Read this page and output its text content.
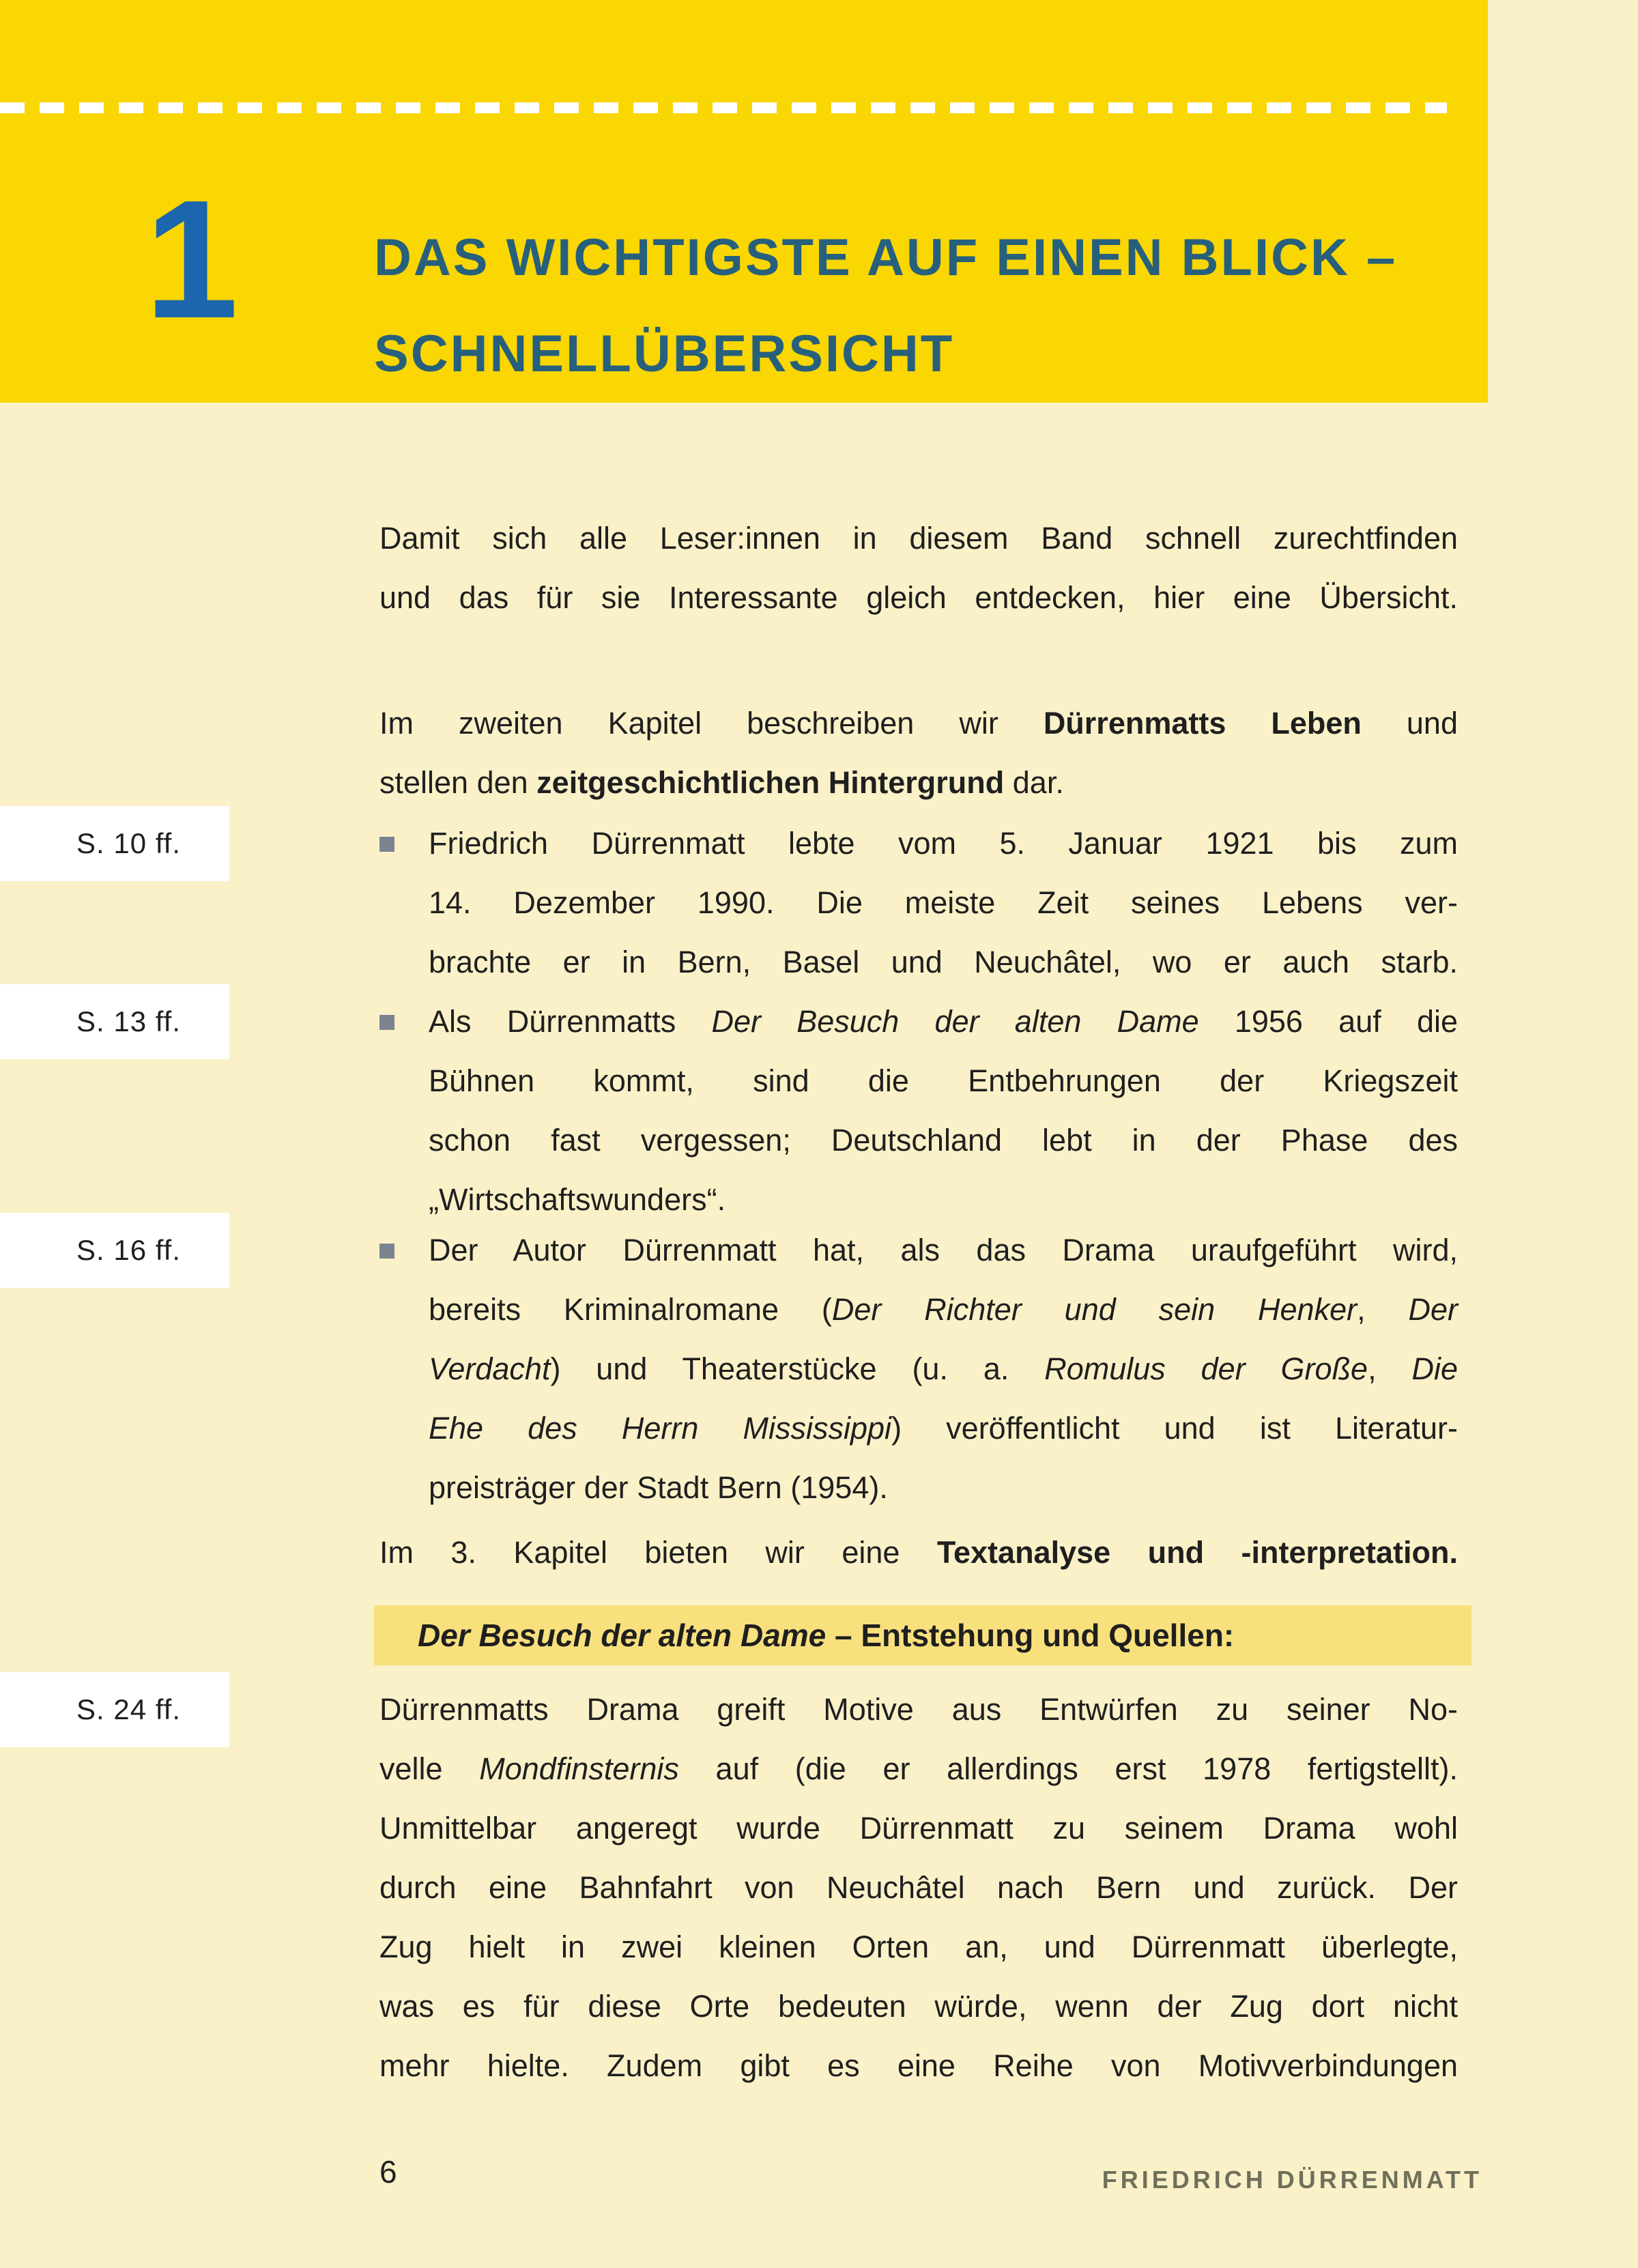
1	DAS WICHTIGSTE AUF EINEN BLICK –
SCHNELLÜBERSICHT
Damit sich alle Leser:innen in diesem Band schnell zurechtfinden
und das für sie Interessante gleich entdecken, hier eine Übersicht.
Im zweiten Kapitel beschreiben wir Dürrenmatts Leben und
stellen den zeitgeschichtlichen Hintergrund dar.
Friedrich Dürrenmatt lebte vom 5. Januar 1921 bis zum
14. Dezember 1990. Die meiste Zeit seines Lebens ver-
brachte er in Bern, Basel und Neuchâtel, wo er auch starb.
Als Dürrenmatts Der Besuch der alten Dame 1956 auf die
Bühnen kommt, sind die Entbehrungen der Kriegszeit
schon fast vergessen; Deutschland lebt in der Phase des
„Wirtschaftswunders“.
Der Autor Dürrenmatt hat, als das Drama uraufgeführt wird,
bereits Kriminalromane (Der Richter und sein Henker, Der
Verdacht) und Theaterstücke (u. a. Romulus der Große, Die
Ehe des Herrn Mississippi) veröffentlicht und ist Literatur-
preisträger der Stadt Bern (1954).
Im 3. Kapitel bieten wir eine Textanalyse und -interpretation.
Der Besuch der alten Dame – Entstehung und Quellen:
Dürrenmatts Drama greift Motive aus Entwürfen zu seiner No-
velle Mondfinsternis auf (die er allerdings erst 1978 fertigstellt).
Unmittelbar angeregt wurde Dürrenmatt zu seinem Drama wohl
durch eine Bahnfahrt von Neuchâtel nach Bern und zurück. Der
Zug hielt in zwei kleinen Orten an, und Dürrenmatt überlegte,
was es für diese Orte bedeuten würde, wenn der Zug dort nicht
mehr hielte. Zudem gibt es eine Reihe von Motivverbindungen
S. 10 ff.
S. 13 ff.
S. 16 ff.
S. 24 ff.
6	FRIEDRICH DÜRRENMATT
